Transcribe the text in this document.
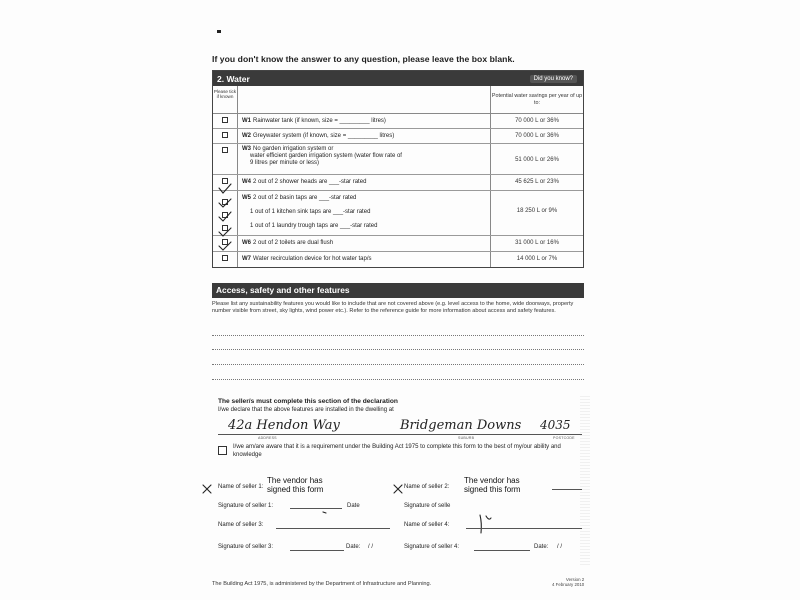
If you don't know the answer to any question, please leave the box blank.
2. Water	Did you know?
Please tick if known	Potential water savings per year of up to:
W1 Rainwater tank (if known, size = _________ litres)	70 000 L or 36%
W2 Greywater system (if known, size = _________ litres)	70 000 L or 36%
W3 No garden irrigation system or
water efficient garden irrigation system (water flow rate of
9 litres per minute or less)	51 000 L or 26%
W4 2 out of 2 shower heads are ___-star rated	45 625 L or 23%
W5 2 out of 2 basin taps are ___-star rated
1 out of 1 kitchen sink taps are ___-star rated
1 out of 1 laundry trough taps are ___-star rated
18 250 L or 9%
W6 2 out of 2 toilets are dual flush	31 000 L or 16%
W7 Water recirculation device for hot water tap/s	14 000 L or 7%
Access, safety and other features
Please list any sustainability features you would like to include that are not covered above (e.g. level access to the home, wide doorways, property number visible from street, sky lights, wind power etc.). Refer to the reference guide for more information about access and safety features.
The seller/s must complete this section of the declaration
I/we declare that the above features are installed in the dwelling at
42a Hendon Way	Bridgeman Downs 4035
ADDRESS	SUBURB	POSTCODE
I/we am/are aware that it is a requirement under the Building Act 1975 to complete this form to the best of my/our ability and knowledge
Name of seller 1:
The vendor has signed this form
Signature of seller 1:	Date
Name of seller 2:
The vendor has signed this form
Signature of selle
Name of seller 3:	Name of seller 4:
Signature of seller 3:	Date: / /	Signature of seller 4:	Date: / /
The Building Act 1975, is administered by the Department of Infrastructure and Planning.
Version 2
4 February 2010
